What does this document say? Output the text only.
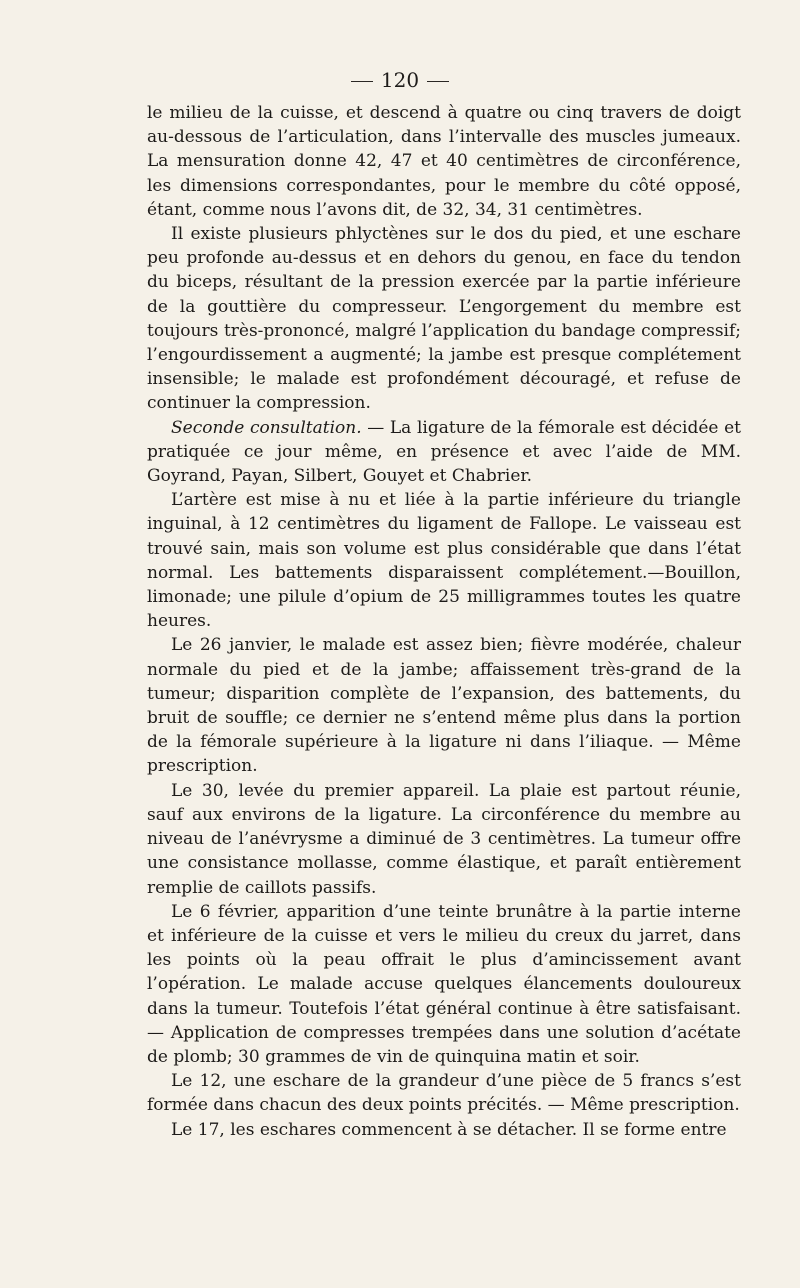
120

le milieu de la cuisse, et descend à quatre ou cinq travers de doigt au-dessous de l’articulation, dans l’intervalle des muscles jumeaux. La mensuration donne 42, 47 et 40 centimètres de circonférence, les dimensions correspondantes, pour le membre du côté opposé, étant, comme nous l’avons dit, de 32, 34, 31 centimètres.

Il existe plusieurs phlyctènes sur le dos du pied, et une eschare peu profonde au-dessus et en dehors du genou, en face du tendon du biceps, résultant de la pression exercée par la partie inférieure de la gouttière du compresseur. L’engorgement du membre est toujours très-prononcé, malgré l’application du bandage compressif; l’engourdissement a augmenté; la jambe est presque complétement insensible; le malade est profondément découragé, et refuse de continuer la compression.

Seconde consultation. — La ligature de la fémorale est décidée et pratiquée ce jour même, en présence et avec l’aide de MM. Goyrand, Payan, Silbert, Gouyet et Chabrier.

L’artère est mise à nu et liée à la partie inférieure du triangle inguinal, à 12 centimètres du ligament de Fallope. Le vaisseau est trouvé sain, mais son volume est plus considérable que dans l’état normal. Les battements disparaissent complétement.—Bouillon, limonade; une pilule d’opium de 25 milligrammes toutes les quatre heures.

Le 26 janvier, le malade est assez bien; fièvre modérée, chaleur normale du pied et de la jambe; affaissement très-grand de la tumeur; disparition complète de l’expansion, des battements, du bruit de souffle; ce dernier ne s’entend même plus dans la portion de la fémorale supérieure à la ligature ni dans l’iliaque. — Même prescription.

Le 30, levée du premier appareil. La plaie est partout réunie, sauf aux environs de la ligature. La circonférence du membre au niveau de l’anévrysme a diminué de 3 centimètres. La tumeur offre une consistance mollasse, comme élastique, et paraît entièrement remplie de caillots passifs.

Le 6 février, apparition d’une teinte brunâtre à la partie interne et inférieure de la cuisse et vers le milieu du creux du jarret, dans les points où la peau offrait le plus d’amincissement avant l’opération. Le malade accuse quelques élancements douloureux dans la tumeur. Toutefois l’état général continue à être satisfaisant. — Application de compresses trempées dans une solution d’acétate de plomb; 30 grammes de vin de quinquina matin et soir.

Le 12, une eschare de la grandeur d’une pièce de 5 francs s’est formée dans chacun des deux points précités. — Même prescription.

Le 17, les eschares commencent à se détacher. Il se forme entre
